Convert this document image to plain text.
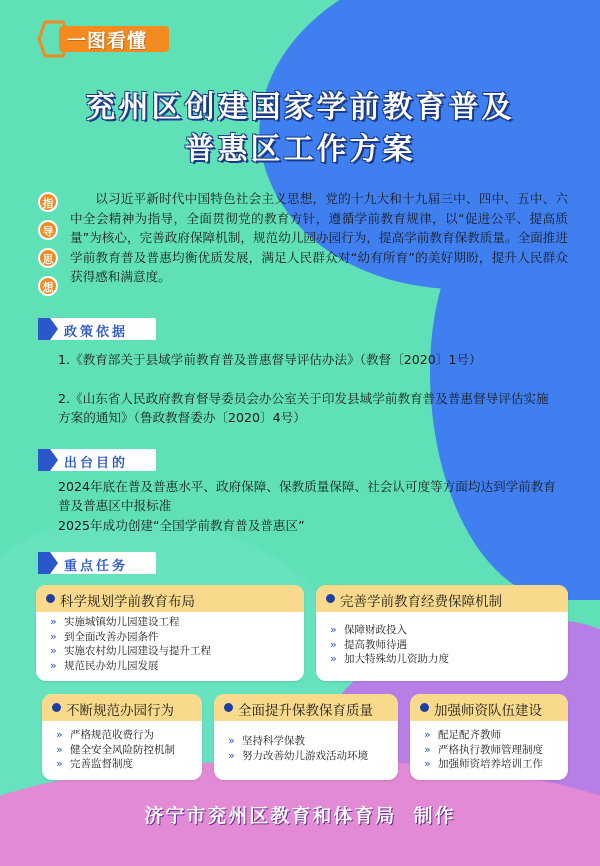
一图看懂
兖州区创建国家学前教育普及
普惠区工作方案
指
导
思
想
以习近平新时代中国特色社会主义思想，党的十九大和十九届三中、四中、五中、六中全会精神为指导，全面贯彻党的教育方针，遵循学前教育规律，以“促进公平、提高质量”为核心，完善政府保障机制，规范幼儿园办园行为，提高学前教育保教质量。全面推进学前教育普及普惠均衡优质发展，满足人民群众对“幼有所育”的美好期盼，提升人民群众获得感和满意度。
政策依据
1.《教育部关于县域学前教育普及普惠督导评估办法》（教督〔2020〕1号）
2.《山东省人民政府教育督导委员会办公室关于印发县域学前教育普及普惠督导评估实施方案的通知》（鲁政教督委办〔2020〕4号）
出台目的
2024年底在普及普惠水平、政府保障、保教质量保障、社会认可度等方面均达到学前教育普及普惠区中报标准
2025年成功创建“全国学前教育普及普惠区”
重点任务
科学规划学前教育布局
» 实施城镇幼儿园建设工程
» 到全面改善办园条件
» 实施农村幼儿园建设与提升工程
» 规范民办幼儿园发展
完善学前教育经费保障机制
» 保障财政投入
» 提高教师待遇
» 加大特殊幼儿资助力度
不断规范办园行为
» 严格规范收费行为
» 健全安全风险防控机制
» 完善监督制度
全面提升保教保育质量
» 坚持科学保教
» 努力改善幼儿游戏活动环境
加强师资队伍建设
» 配足配齐教师
» 严格执行教师管理制度
» 加强师资培养培训工作
济宁市兖州区教育和体育局  制作
